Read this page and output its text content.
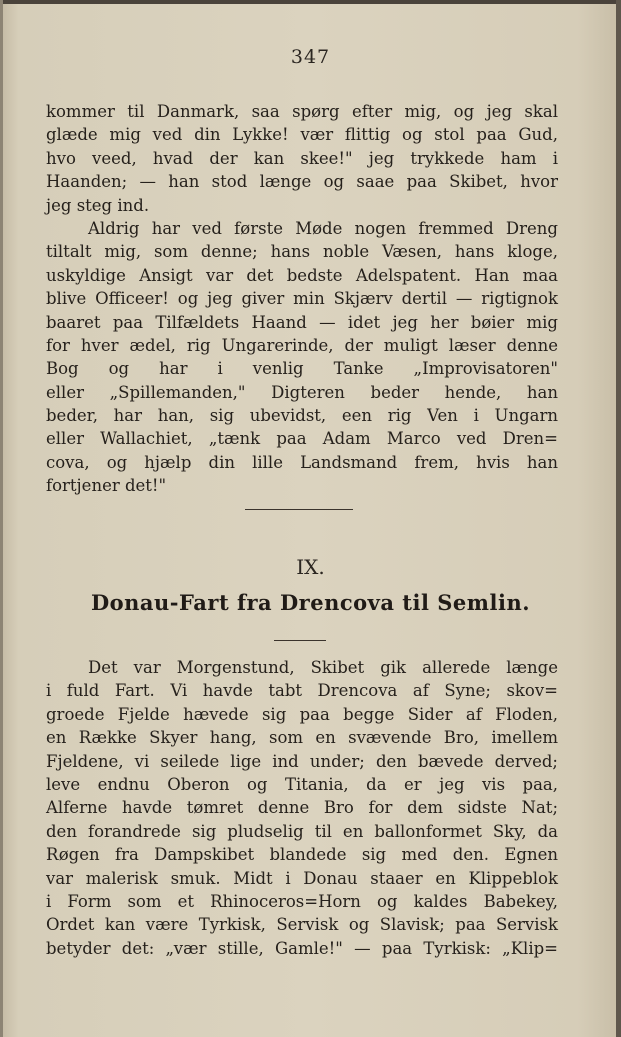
347
kommer til Danmark, saa spørg efter mig, og jeg skal
glæde mig ved din Lykke! vær flittig og stol paa Gud,
hvo veed, hvad der kan skee!" jeg trykkede ham i
Haanden; — han stod længe og saae paa Skibet, hvor
jeg steg ind.
Aldrig har ved første Møde nogen fremmed Dreng
tiltalt mig, som denne; hans noble Væsen, hans kloge,
uskyldige Ansigt var det bedste Adelspatent. Han maa
blive Officeer! og jeg giver min Skjærv dertil — rigtignok
baaret paa Tilfældets Haand — idet jeg her bøier mig
for hver ædel, rig Ungarerinde, der muligt læser denne
Bog og har i venlig Tanke „Improvisatoren"
eller „Spillemanden," Digteren beder hende, han
beder, har han, sig ubevidst, een rig Ven i Ungarn
eller Wallachiet, „tænk paa Adam Marco ved Dren=
cova, og hjælp din lille Landsmand frem, hvis han
fortjener det!"
IX.
Donau-Fart fra Drencova til Semlin.
Det var Morgenstund, Skibet gik allerede længe
i fuld Fart. Vi havde tabt Drencova af Syne; skov=
groede Fjelde hævede sig paa begge Sider af Floden,
en Række Skyer hang, som en svævende Bro, imellem
Fjeldene, vi seilede lige ind under; den bævede derved;
leve endnu Oberon og Titania, da er jeg vis paa,
Alferne havde tømret denne Bro for dem sidste Nat;
den forandrede sig pludselig til en ballonformet Sky, da
Røgen fra Dampskibet blandede sig med den. Egnen
var malerisk smuk. Midt i Donau staaer en Klippeblok
i Form som et Rhinoceros=Horn og kaldes Babekey,
Ordet kan være Tyrkisk, Servisk og Slavisk; paa Servisk
betyder det: „vær stille, Gamle!" — paa Tyrkisk: „Klip=
